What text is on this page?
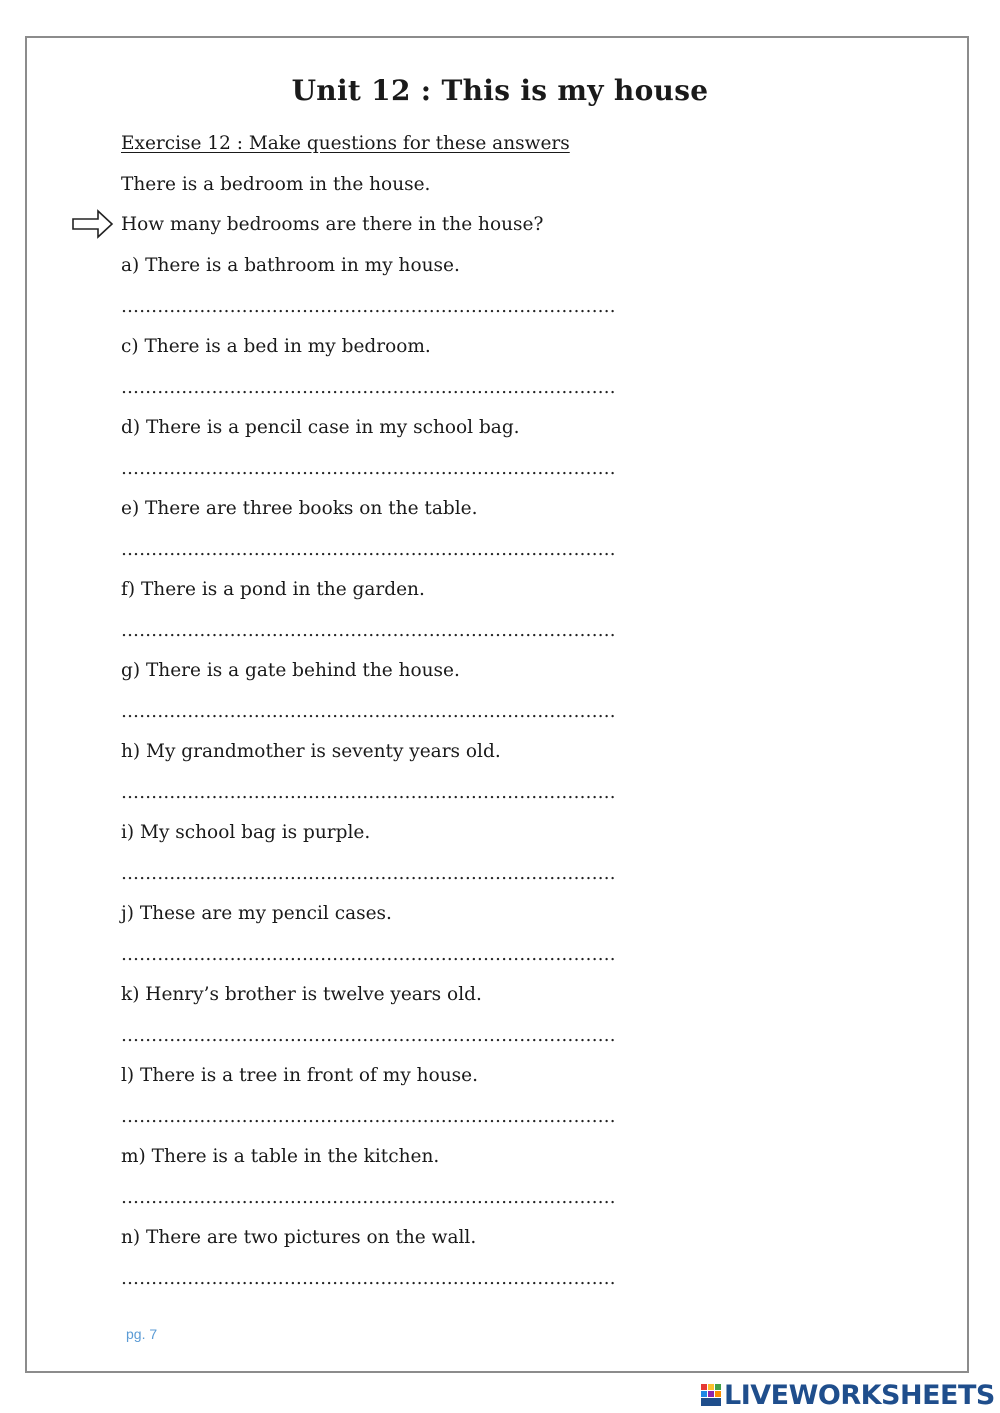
Unit 12 : This is my house
Exercise 12 : Make questions for these answers
There is a bedroom in the house.
How many bedrooms are there in the house?
a) There is a bathroom in my house.
……………………………………………………………………….
c) There is a bed in my bedroom.
……………………………………………………………………….
d) There is a pencil case in my school bag.
……………………………………………………………………….
e) There are three books on the table.
……………………………………………………………………….
f) There is a pond in the garden.
……………………………………………………………………….
g) There is a gate behind the house.
……………………………………………………………………….
h) My grandmother is seventy years old.
……………………………………………………………………….
i) My school bag is purple.
……………………………………………………………………….
j) These are my pencil cases.
……………………………………………………………………….
k) Henry’s brother is twelve years old.
……………………………………………………………………….
l) There is a tree in front of my house.
……………………………………………………………………….
m) There is a table in the kitchen.
……………………………………………………………………….
n) There are two pictures on the wall.
……………………………………………………………………….
pg. 7
LIVEWORKSHEETS
